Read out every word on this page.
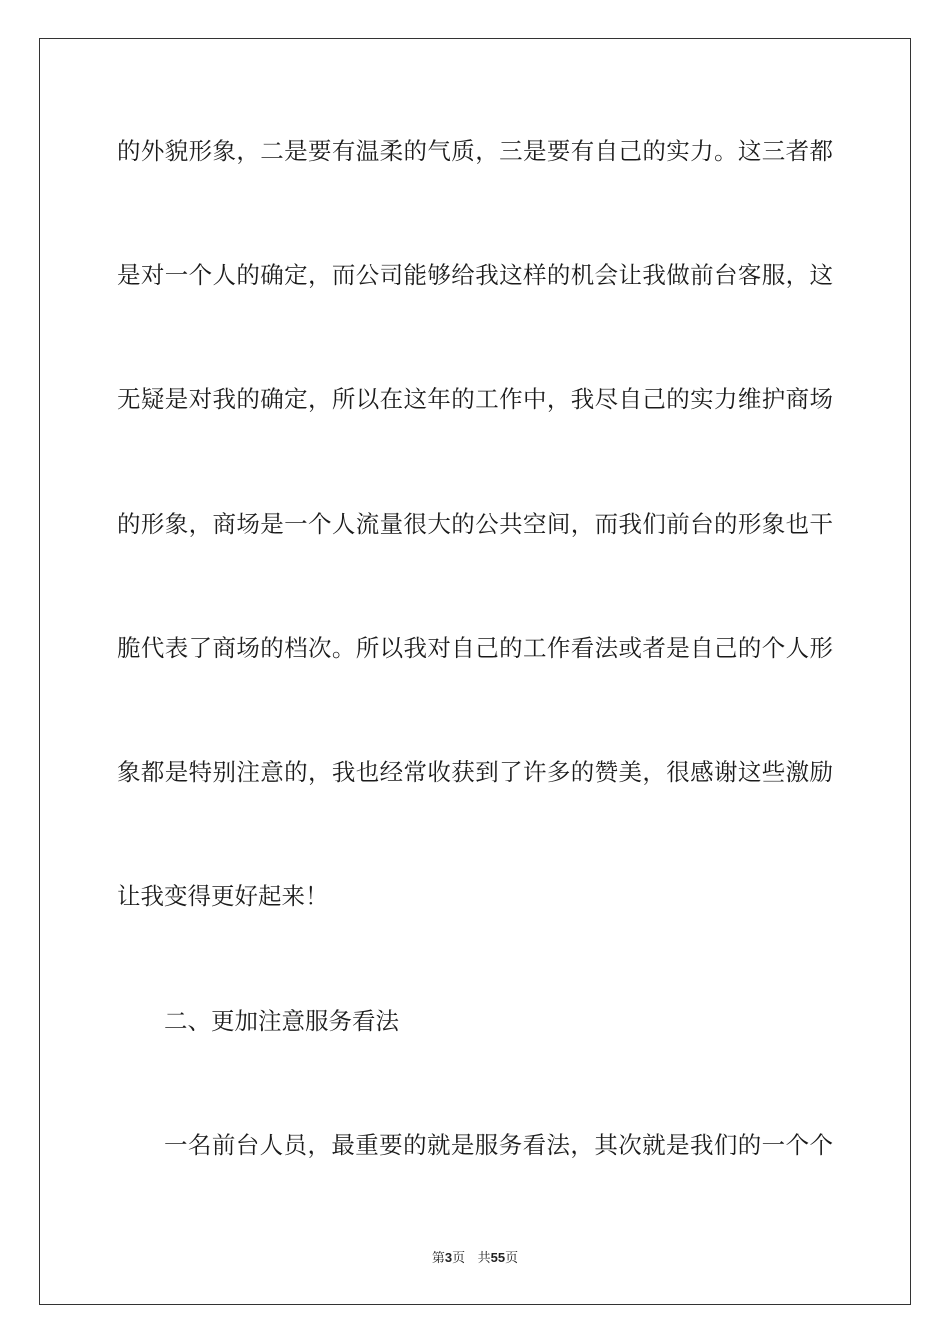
的外貌形象，二是要有温柔的气质，三是要有自己的实力。这三者都
是对一个人的确定，而公司能够给我这样的机会让我做前台客服，这
无疑是对我的确定，所以在这年的工作中，我尽自己的实力维护商场
的形象，商场是一个人流量很大的公共空间，而我们前台的形象也干
脆代表了商场的档次。所以我对自己的工作看法或者是自己的个人形
象都是特别注意的，我也经常收获到了许多的赞美，很感谢这些激励
让我变得更好起来！
二、更加注意服务看法
一名前台人员，最重要的就是服务看法，其次就是我们的一个个
第3页 共55页
